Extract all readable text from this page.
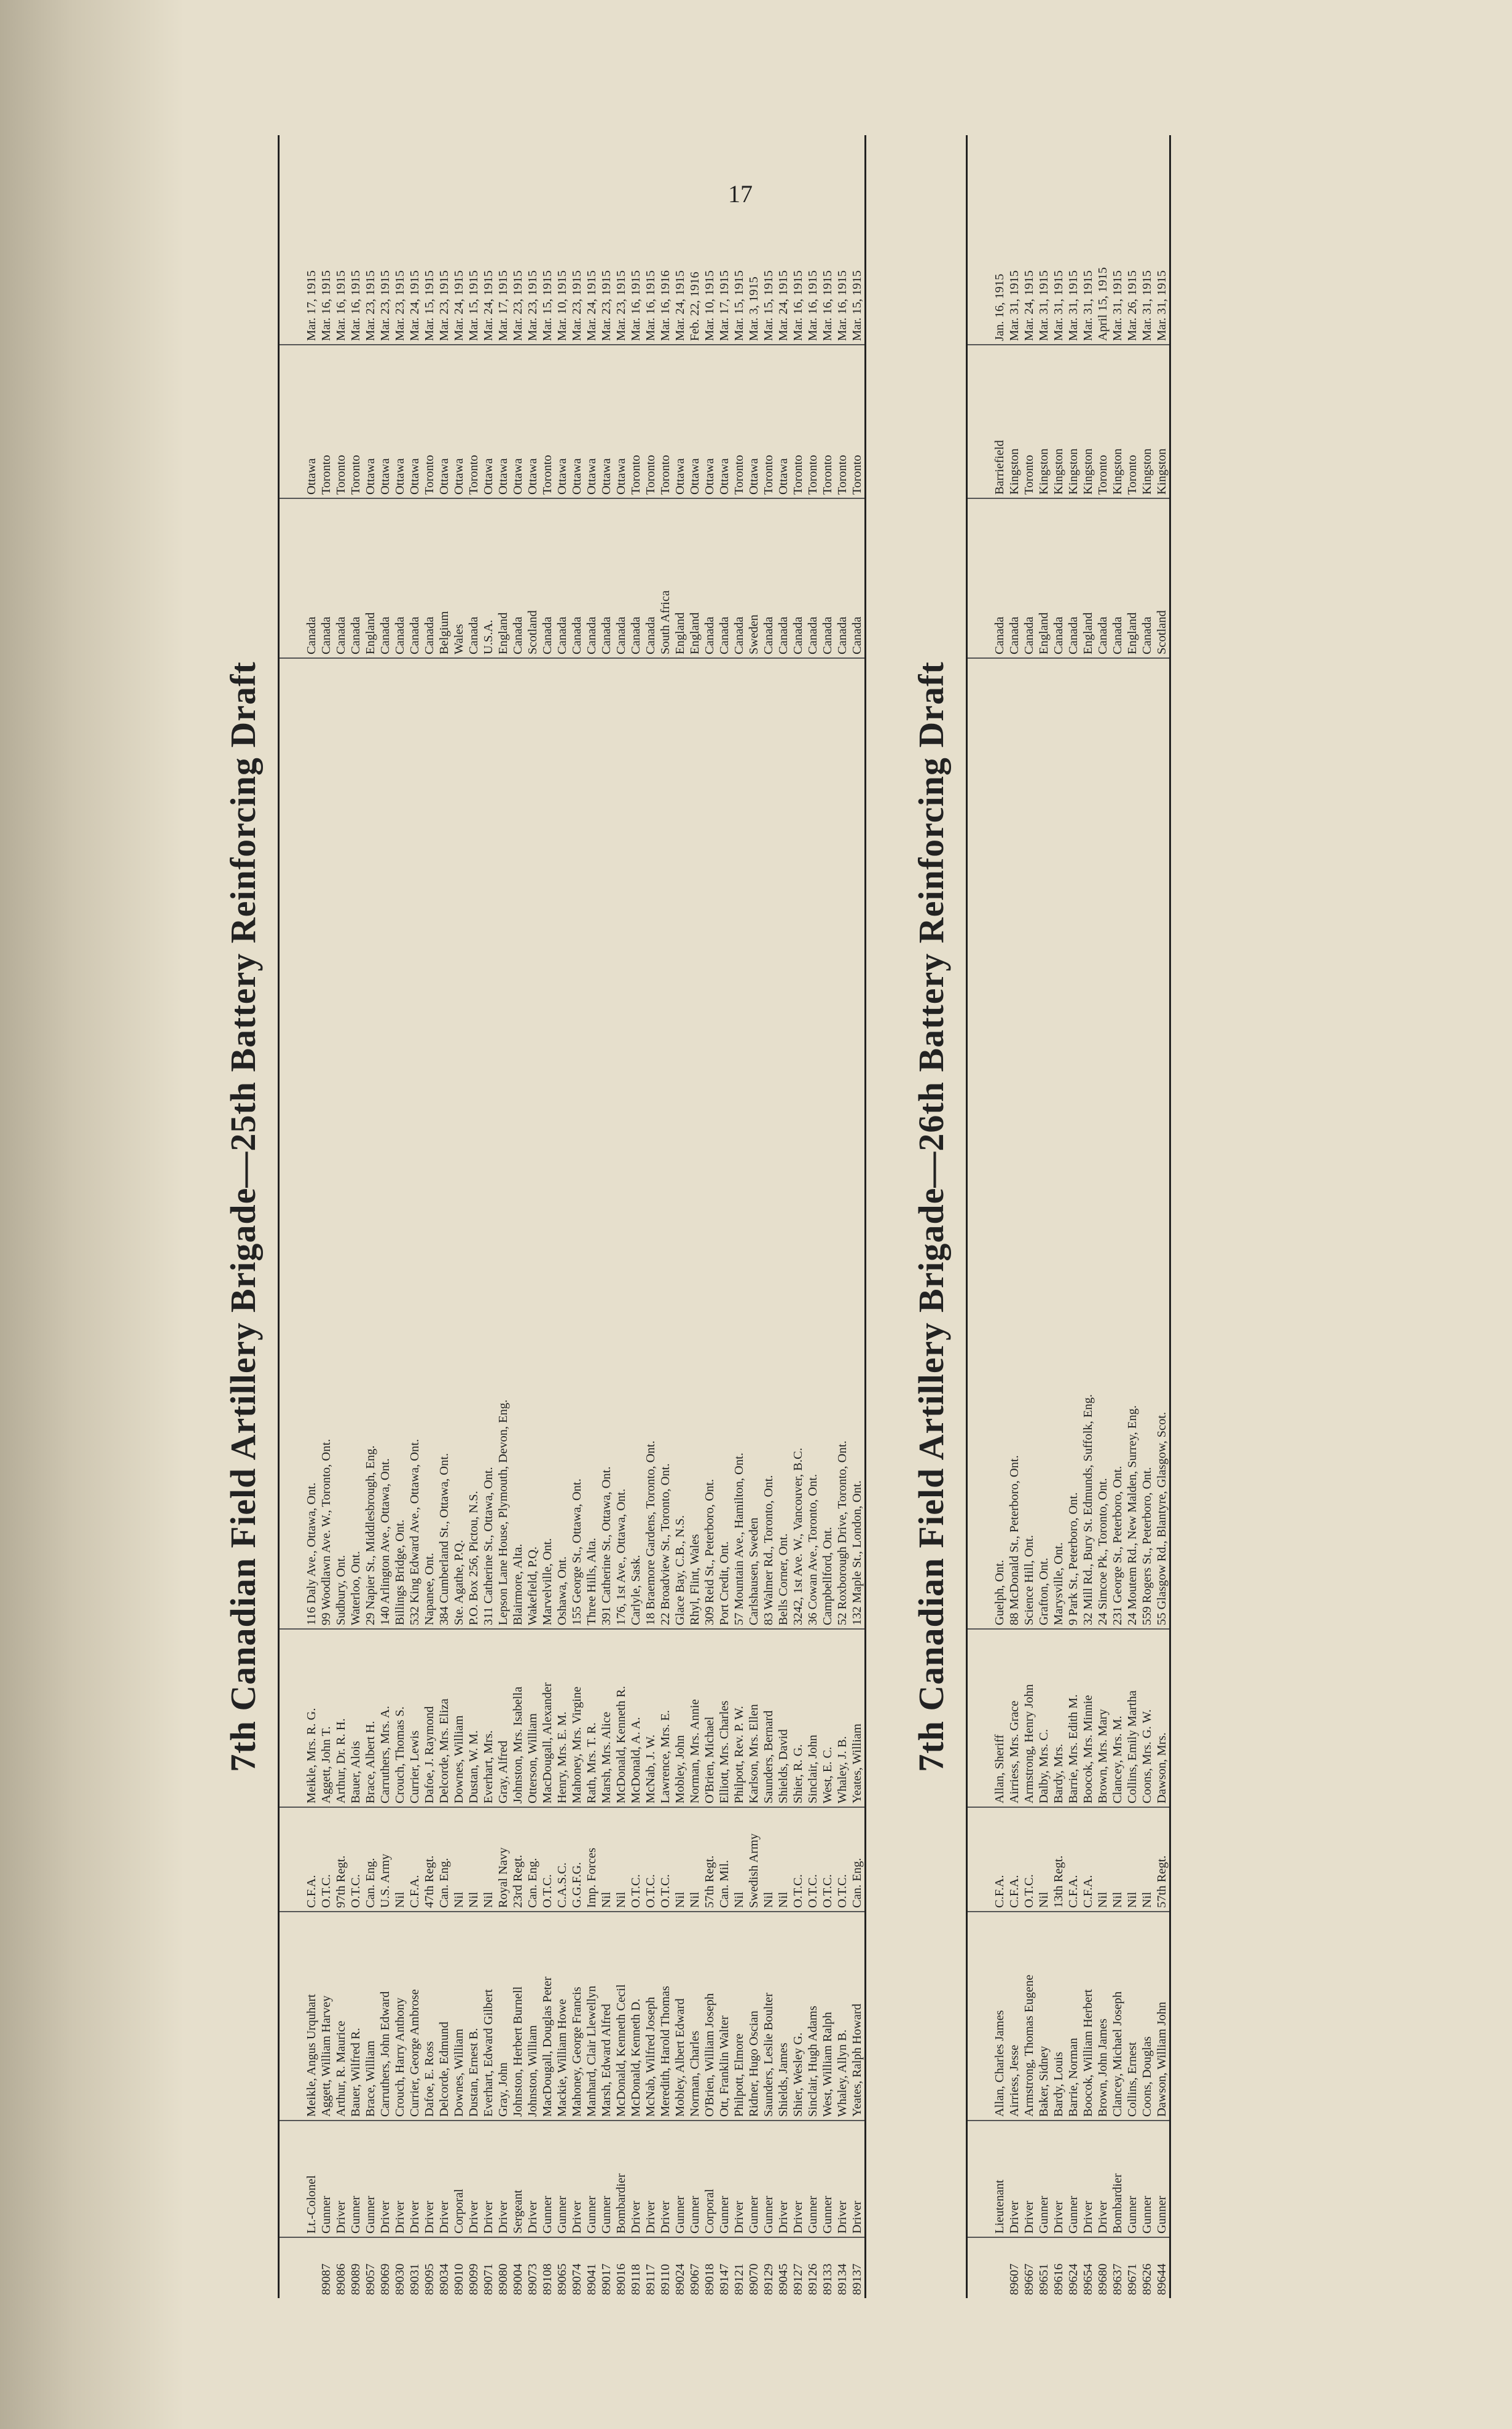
17
7th Canadian Field Artillery Brigade—25th Battery Reinforcing Draft
Lt.-Colonel
Meikle, Angus Urquhart
C.F.A.
Meikle, Mrs. R. G.
116 Daly Ave., Ottawa, Ont.
Canada
Ottawa
Mar. 17, 1915
89087
Gunner
Aggett, William Harvey
O.T.C.
Aggett, John T.
99 Woodlawn Ave. W., Toronto, Ont.
Canada
Toronto
Mar. 16, 1915
89086
Driver
Arthur, R. Maurice
97th Regt.
Arthur, Dr. R. H.
Sudbury, Ont.
Canada
Toronto
Mar. 16, 1915
89089
Gunner
Bauer, Wilfred R.
O.T.C.
Bauer, Alois
Waterloo, Ont.
Canada
Toronto
Mar. 16, 1915
89057
Gunner
Brace, William
Can. Eng.
Brace, Albert H.
29 Napier St., Middlesbrough, Eng.
England
Ottawa
Mar. 23, 1915
89069
Driver
Carruthers, John Edward
U.S. Army
Carruthers, Mrs. A.
140 Arlington Ave., Ottawa, Ont.
Canada
Ottawa
Mar. 23, 1915
89030
Driver
Crouch, Harry Anthony
Nil
Crouch, Thomas S.
Billings Bridge, Ont.
Canada
Ottawa
Mar. 23, 1915
89031
Driver
Currier, George Ambrose
C.F.A.
Currier, Lewis
532 King Edward Ave., Ottawa, Ont.
Canada
Ottawa
Mar. 24, 1915
89095
Driver
Dafoe, E. Ross
47th Regt.
Dafoe, J. Raymond
Napanee, Ont.
Canada
Toronto
Mar. 15, 1915
89034
Driver
Delcorde, Edmund
Can. Eng.
Delcorde, Mrs. Eliza
384 Cumberland St., Ottawa, Ont.
Belgium
Ottawa
Mar. 23, 1915
89010
Corporal
Downes, William
Nil
Downes, William
Ste. Agathe, P.Q.
Wales
Ottawa
Mar. 24, 1915
89099
Driver
Dustan, Ernest B.
Nil
Dustan, W. M.
P.O. Box 256, Pictou, N.S.
Canada
Toronto
Mar. 15, 1915
89071
Driver
Everhart, Edward Gilbert
Nil
Everhart, Mrs.
311 Catherine St., Ottawa, Ont.
U.S.A.
Ottawa
Mar. 24, 1915
89080
Driver
Gray, John
Royal Navy
Gray, Alfred
Lepson Lane House, Plymouth, Devon, Eng.
England
Ottawa
Mar. 17, 1915
89004
Sergeant
Johnston, Herbert Burnell
23rd Regt.
Johnston, Mrs. Isabella
Blairmore, Alta.
Canada
Ottawa
Mar. 23, 1915
89073
Driver
Johnston, William
Can. Eng.
Otterson, William
Wakefield, P.Q.
Scotland
Ottawa
Mar. 23, 1915
89108
Gunner
MacDougall, Douglas Peter
O.T.C.
MacDougall, Alexander
Marvelville, Ont.
Canada
Toronto
Mar. 15, 1915
89065
Gunner
Mackie, William Howe
C.A.S.C.
Henry, Mrs. E. M.
Oshawa, Ont.
Canada
Ottawa
Mar. 10, 1915
89074
Driver
Mahoney, George Francis
G.G.F.G.
Mahoney, Mrs. Virgine
155 George St., Ottawa, Ont.
Canada
Ottawa
Mar. 23, 1915
89041
Gunner
Manhard, Clair Llewellyn
Imp. Forces
Rath, Mrs. T. R.
Three Hills, Alta.
Canada
Ottawa
Mar. 24, 1915
89017
Gunner
Marsh, Edward Alfred
Nil
Marsh, Mrs. Alice
391 Catherine St., Ottawa, Ont.
Canada
Ottawa
Mar. 23, 1915
89016
Bombardier
McDonald, Kenneth Cecil
Nil
McDonald, Kenneth R.
176, 1st Ave., Ottawa, Ont.
Canada
Ottawa
Mar. 23, 1915
89118
Driver
McDonald, Kenneth D.
O.T.C.
McDonald, A. A.
Carlyle, Sask.
Canada
Toronto
Mar. 16, 1915
89117
Driver
McNab, Wilfred Joseph
O.T.C.
McNab, J. W.
18 Braemore Gardens, Toronto, Ont.
Canada
Toronto
Mar. 16, 1915
89110
Driver
Meredith, Harold Thomas
O.T.C.
Lawrence, Mrs. E.
22 Broadview St., Toronto, Ont.
South Africa
Toronto
Mar. 16, 1916
89024
Gunner
Mobley, Albert Edward
Nil
Mobley, John
Glace Bay, C.B., N.S.
England
Ottawa
Mar. 24, 1915
89067
Gunner
Norman, Charles
Nil
Norman, Mrs. Annie
Rhyl, Flint, Wales
England
Ottawa
Feb. 22, 1916
89018
Corporal
O'Brien, William Joseph
57th Regt.
O'Brien, Michael
309 Reid St., Peterboro, Ont.
Canada
Ottawa
Mar. 10, 1915
89147
Gunner
Ott, Franklin Walter
Can. Mil.
Elliott, Mrs. Charles
Port Credit, Ont.
Canada
Ottawa
Mar. 17, 1915
89121
Driver
Philpott, Elmore
Nil
Philpott, Rev. P. W.
57 Mountain Ave., Hamilton, Ont.
Canada
Toronto
Mar. 15, 1915
89070
Gunner
Ridner, Hugo Oscian
Swedish Army
Karlson, Mrs. Ellen
Carlshausen, Sweden
Sweden
Ottawa
Mar. 3, 1915
89129
Gunner
Saunders, Leslie Boulter
Nil
Saunders, Bernard
83 Walmer Rd., Toronto, Ont.
Canada
Toronto
Mar. 15, 1915
89045
Driver
Shields, James
Nil
Shields, David
Bells Corner, Ont.
Canada
Ottawa
Mar. 24, 1915
89127
Driver
Shier, Wesley G.
O.T.C.
Shier, R. G.
3242, 1st Ave. W., Vancouver, B.C.
Canada
Toronto
Mar. 16, 1915
89126
Gunner
Sinclair, Hugh Adams
O.T.C.
Sinclair, John
36 Cowan Ave., Toronto, Ont.
Canada
Toronto
Mar. 16, 1915
89133
Gunner
West, William Ralph
O.T.C.
West, E. C.
Campbellford, Ont.
Canada
Toronto
Mar. 16, 1915
89134
Driver
Whaley, Allyn B.
O.T.C.
Whaley, J. B.
52 Roxborough Drive, Toronto, Ont.
Canada
Toronto
Mar. 16, 1915
89137
Driver
Yeates, Ralph Howard
Can. Eng.
Yeates, William
132 Maple St., London, Ont.
Canada
Toronto
Mar. 15, 1915
7th Canadian Field Artillery Brigade—26th Battery Reinforcing Draft
Lieutenant
Allan, Charles James
C.F.A.
Allan, Sheriff
Guelph, Ont.
Canada
Barriefield
Jan. 16, 1915
89607
Driver
Airriess, Jesse
C.F.A.
Airriess, Mrs. Grace
88 McDonald St., Peterboro, Ont.
Canada
Kingston
Mar. 31, 1915
89667
Driver
Armstrong, Thomas Eugene
O.T.C.
Armstrong, Henry John
Science Hill, Ont.
Canada
Toronto
Mar. 24, 1915
89651
Gunner
Baker, Sidney
Nil
Dalby, Mrs. C.
Grafton, Ont.
England
Kingston
Mar. 31, 1915
89616
Driver
Bardy, Louis
13th Regt.
Bardy, Mrs.
Marysville, Ont.
Canada
Kingston
Mar. 31, 1915
89624
Gunner
Barrie, Norman
C.F.A.
Barrie, Mrs. Edith M.
9 Park St., Peterboro, Ont.
Canada
Kingston
Mar. 31, 1915
89654
Driver
Boocok, William Herbert
C.F.A.
Boocok, Mrs. Minnie
32 Mill Rd., Bury St. Edmunds, Suffolk, Eng.
England
Kingston
Mar. 31, 1915
89680
Driver
Brown, John James
Nil
Brown, Mrs. Mary
24 Simcoe Pk., Toronto, Ont.
Canada
Toronto
April 15, 1915
89637
Bombardier
Clancey, Michael Joseph
Nil
Clancey, Mrs. M.
231 George St., Peterboro, Ont.
Canada
Kingston
Mar. 31, 1915
89671
Gunner
Collins, Ernest
Nil
Collins, Emily Martha
24 Moutem Rd., New Malden, Surrey, Eng.
England
Toronto
Mar. 26, 1915
89626
Gunner
Coons, Douglas
Nil
Coons, Mrs. G. W.
559 Rogers St., Peterboro, Ont.
Canada
Kingston
Mar. 31, 1915
89644
Gunner
Dawson, William John
57th Regt.
Dawson, Mrs.
55 Glasgow Rd., Blantyre, Glasgow, Scot.
Scotland
Kingston
Mar. 31, 1915
